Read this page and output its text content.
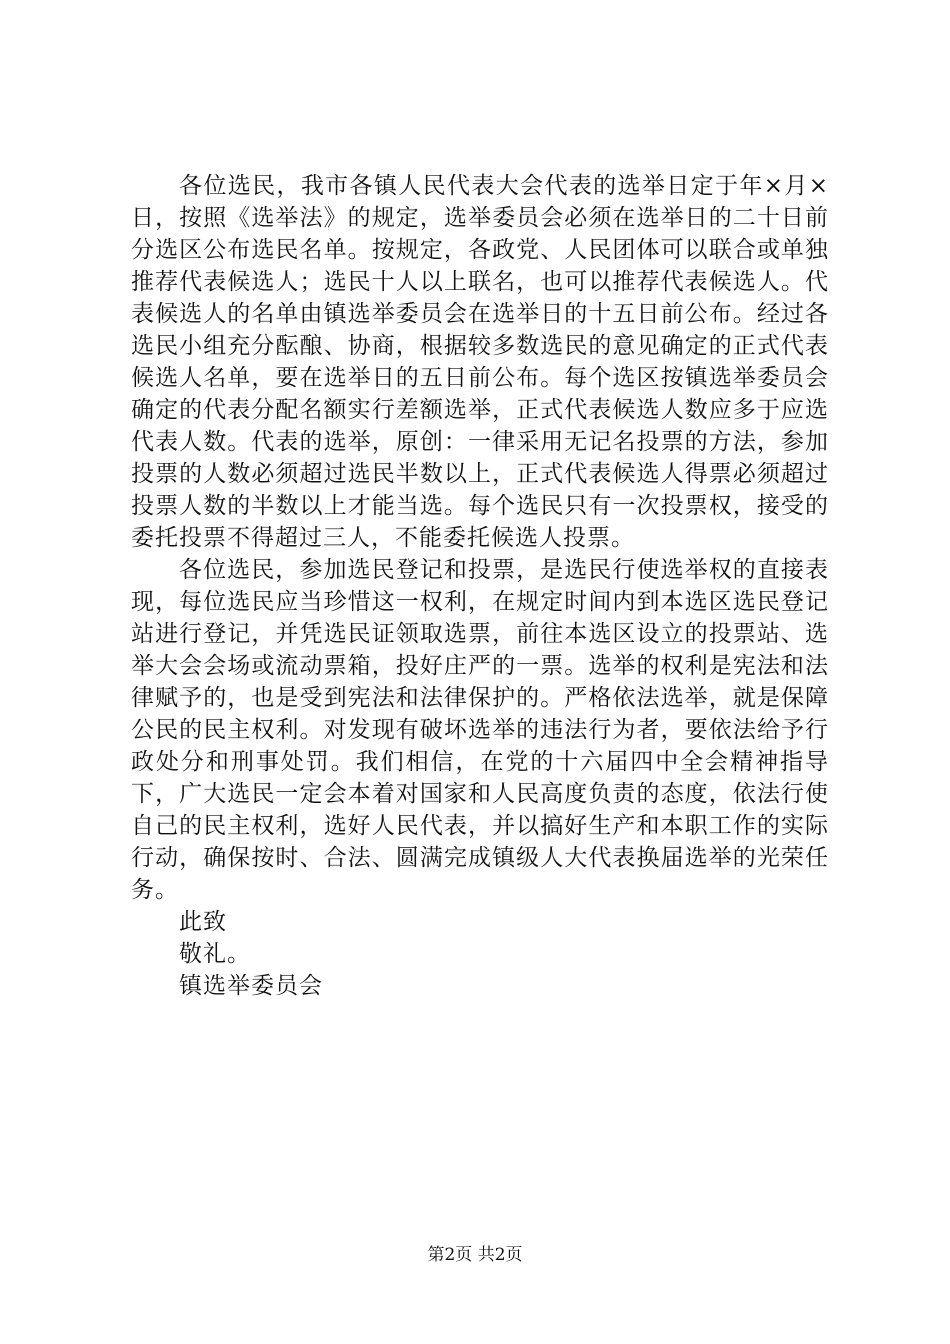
各位选民，我市各镇人民代表大会代表的选举日定于年×月×日，按照《选举法》的规定，选举委员会必须在选举日的二十日前分选区公布选民名单。按规定，各政党、人民团体可以联合或单独推荐代表候选人；选民十人以上联名，也可以推荐代表候选人。代表候选人的名单由镇选举委员会在选举日的十五日前公布。经过各选民小组充分酝酿、协商，根据较多数选民的意见确定的正式代表候选人名单，要在选举日的五日前公布。每个选区按镇选举委员会确定的代表分配名额实行差额选举，正式代表候选人数应多于应选代表人数。代表的选举，原创：一律采用无记名投票的方法，参加投票的人数必须超过选民半数以上，正式代表候选人得票必须超过投票人数的半数以上才能当选。每个选民只有一次投票权，接受的委托投票不得超过三人，不能委托候选人投票。

各位选民，参加选民登记和投票，是选民行使选举权的直接表现，每位选民应当珍惜这一权利，在规定时间内到本选区选民登记站进行登记，并凭选民证领取选票，前往本选区设立的投票站、选举大会会场或流动票箱，投好庄严的一票。选举的权利是宪法和法律赋予的，也是受到宪法和法律保护的。严格依法选举，就是保障公民的民主权利。对发现有破坏选举的违法行为者，要依法给予行政处分和刑事处罚。我们相信，在党的十六届四中全会精神指导下，广大选民一定会本着对国家和人民高度负责的态度，依法行使自己的民主权利，选好人民代表，并以搞好生产和本职工作的实际行动，确保按时、合法、圆满完成镇级人大代表换届选举的光荣任务。

此致

敬礼。

镇选举委员会

第2页 共2页
